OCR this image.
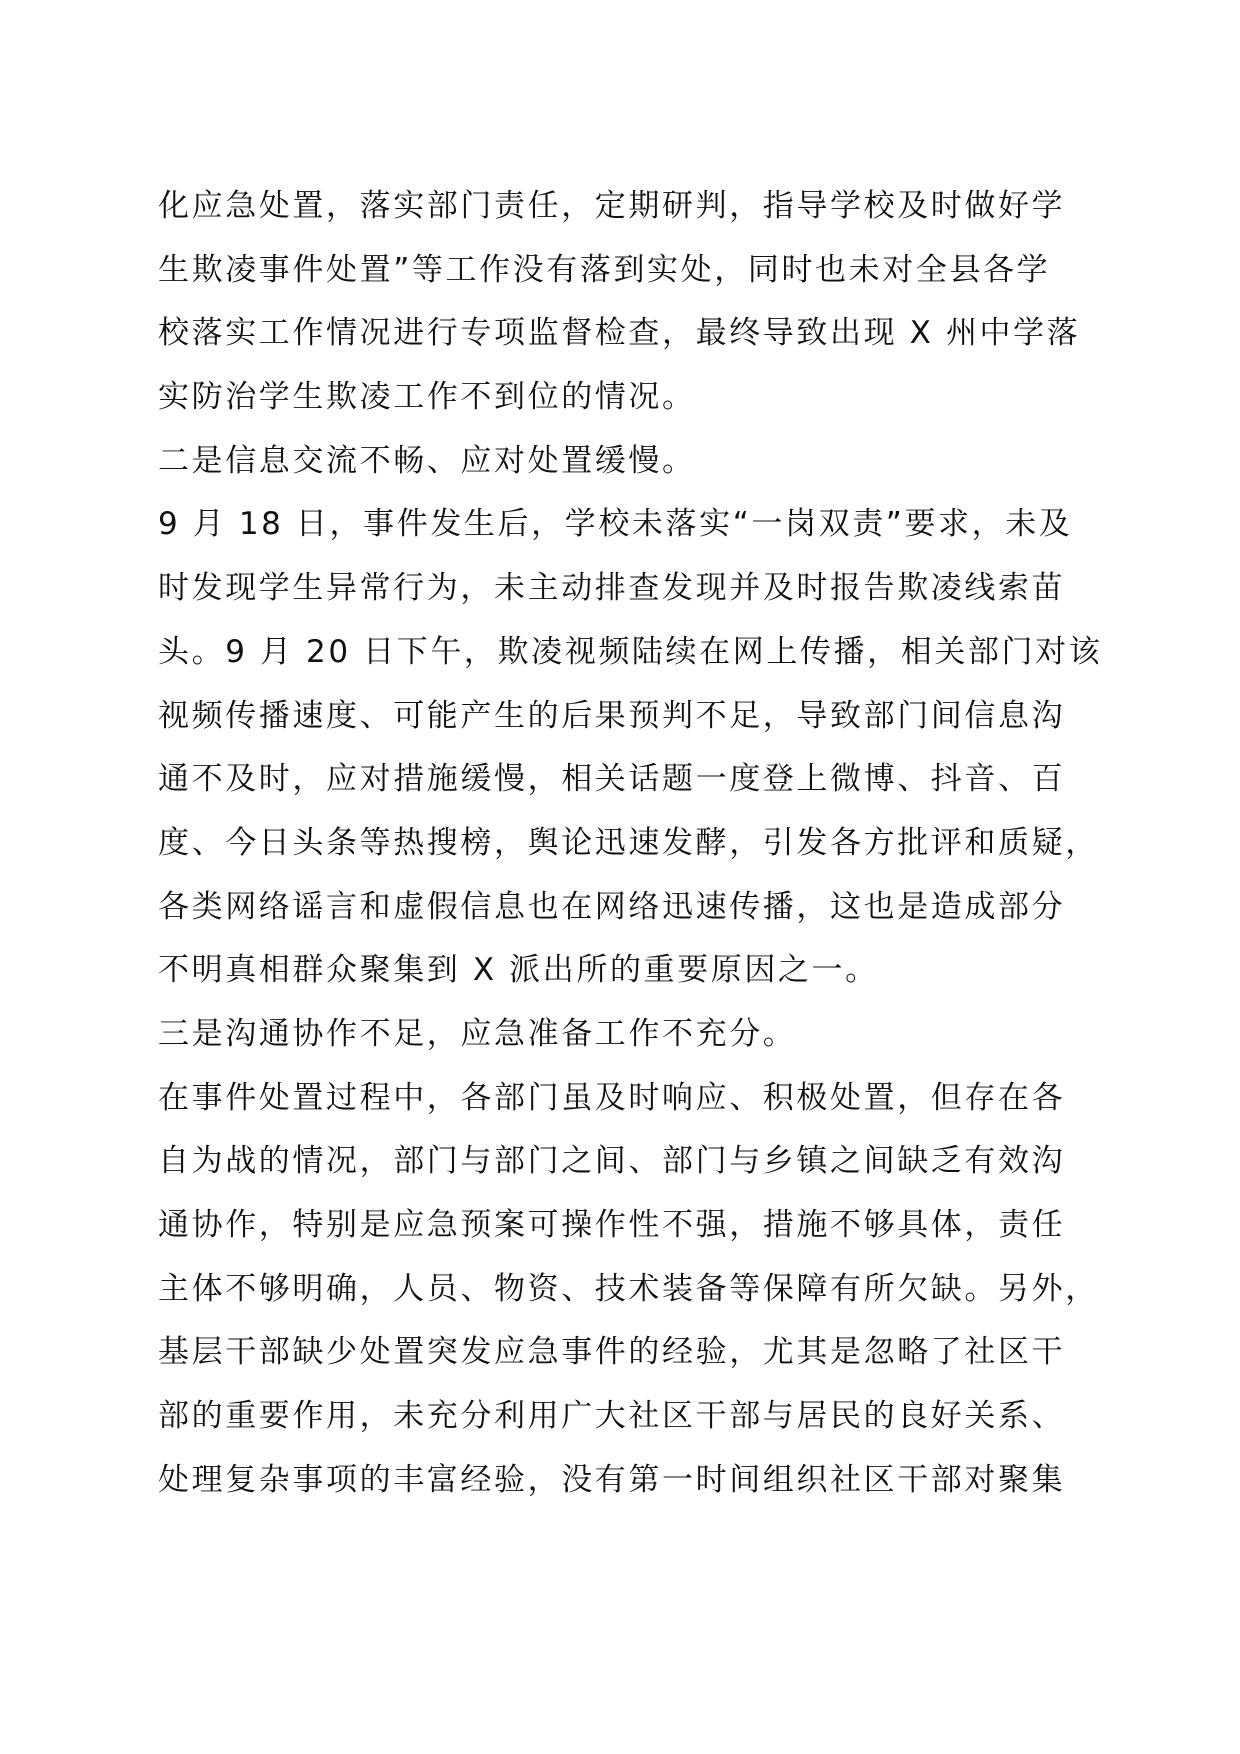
化应急处置，落实部门责任，定期研判，指导学校及时做好学
生欺凌事件处置”等工作没有落到实处，同时也未对全县各学
校落实工作情况进行专项监督检查，最终导致出现 X 州中学落
实防治学生欺凌工作不到位的情况。
二是信息交流不畅、应对处置缓慢。
9 月 18 日，事件发生后，学校未落实“一岗双责”要求，未及
时发现学生异常行为，未主动排查发现并及时报告欺凌线索苗
头。9 月 20 日下午，欺凌视频陆续在网上传播，相关部门对该
视频传播速度、可能产生的后果预判不足，导致部门间信息沟
通不及时，应对措施缓慢，相关话题一度登上微博、抖音、百
度、今日头条等热搜榜，舆论迅速发酵，引发各方批评和质疑，
各类网络谣言和虚假信息也在网络迅速传播，这也是造成部分
不明真相群众聚集到 X 派出所的重要原因之一。
三是沟通协作不足，应急准备工作不充分。
在事件处置过程中，各部门虽及时响应、积极处置，但存在各
自为战的情况，部门与部门之间、部门与乡镇之间缺乏有效沟
通协作，特别是应急预案可操作性不强，措施不够具体，责任
主体不够明确，人员、物资、技术装备等保障有所欠缺。另外，
基层干部缺少处置突发应急事件的经验，尤其是忽略了社区干
部的重要作用，未充分利用广大社区干部与居民的良好关系、
处理复杂事项的丰富经验，没有第一时间组织社区干部对聚集
